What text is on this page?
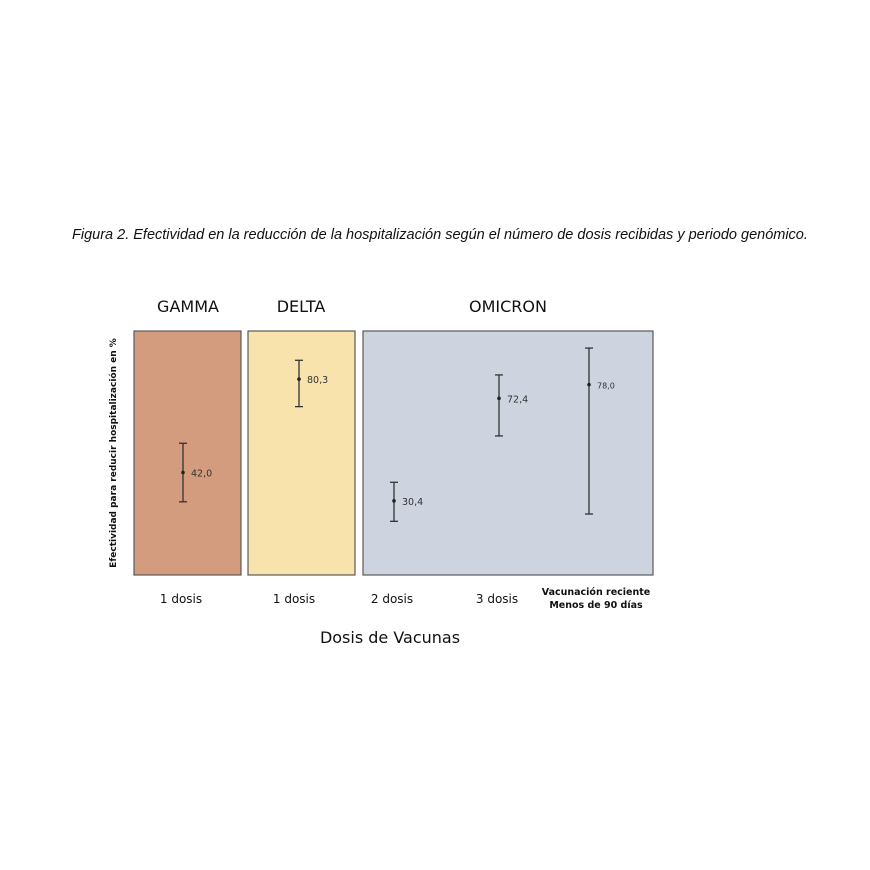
Figura 2. Efectividad en la reducción de la hospitalización según el número de dosis recibidas y periodo genómico.
GAMMA	DELTA	OMICRON
42,0
1 dosis
80,3
1 dosis
30,4
2 dosis
72,4
3 dosis
78,0
Vacunación reciente Menos de 90 días
Efectividad para reducir hospitalización en %
Dosis de Vacunas
